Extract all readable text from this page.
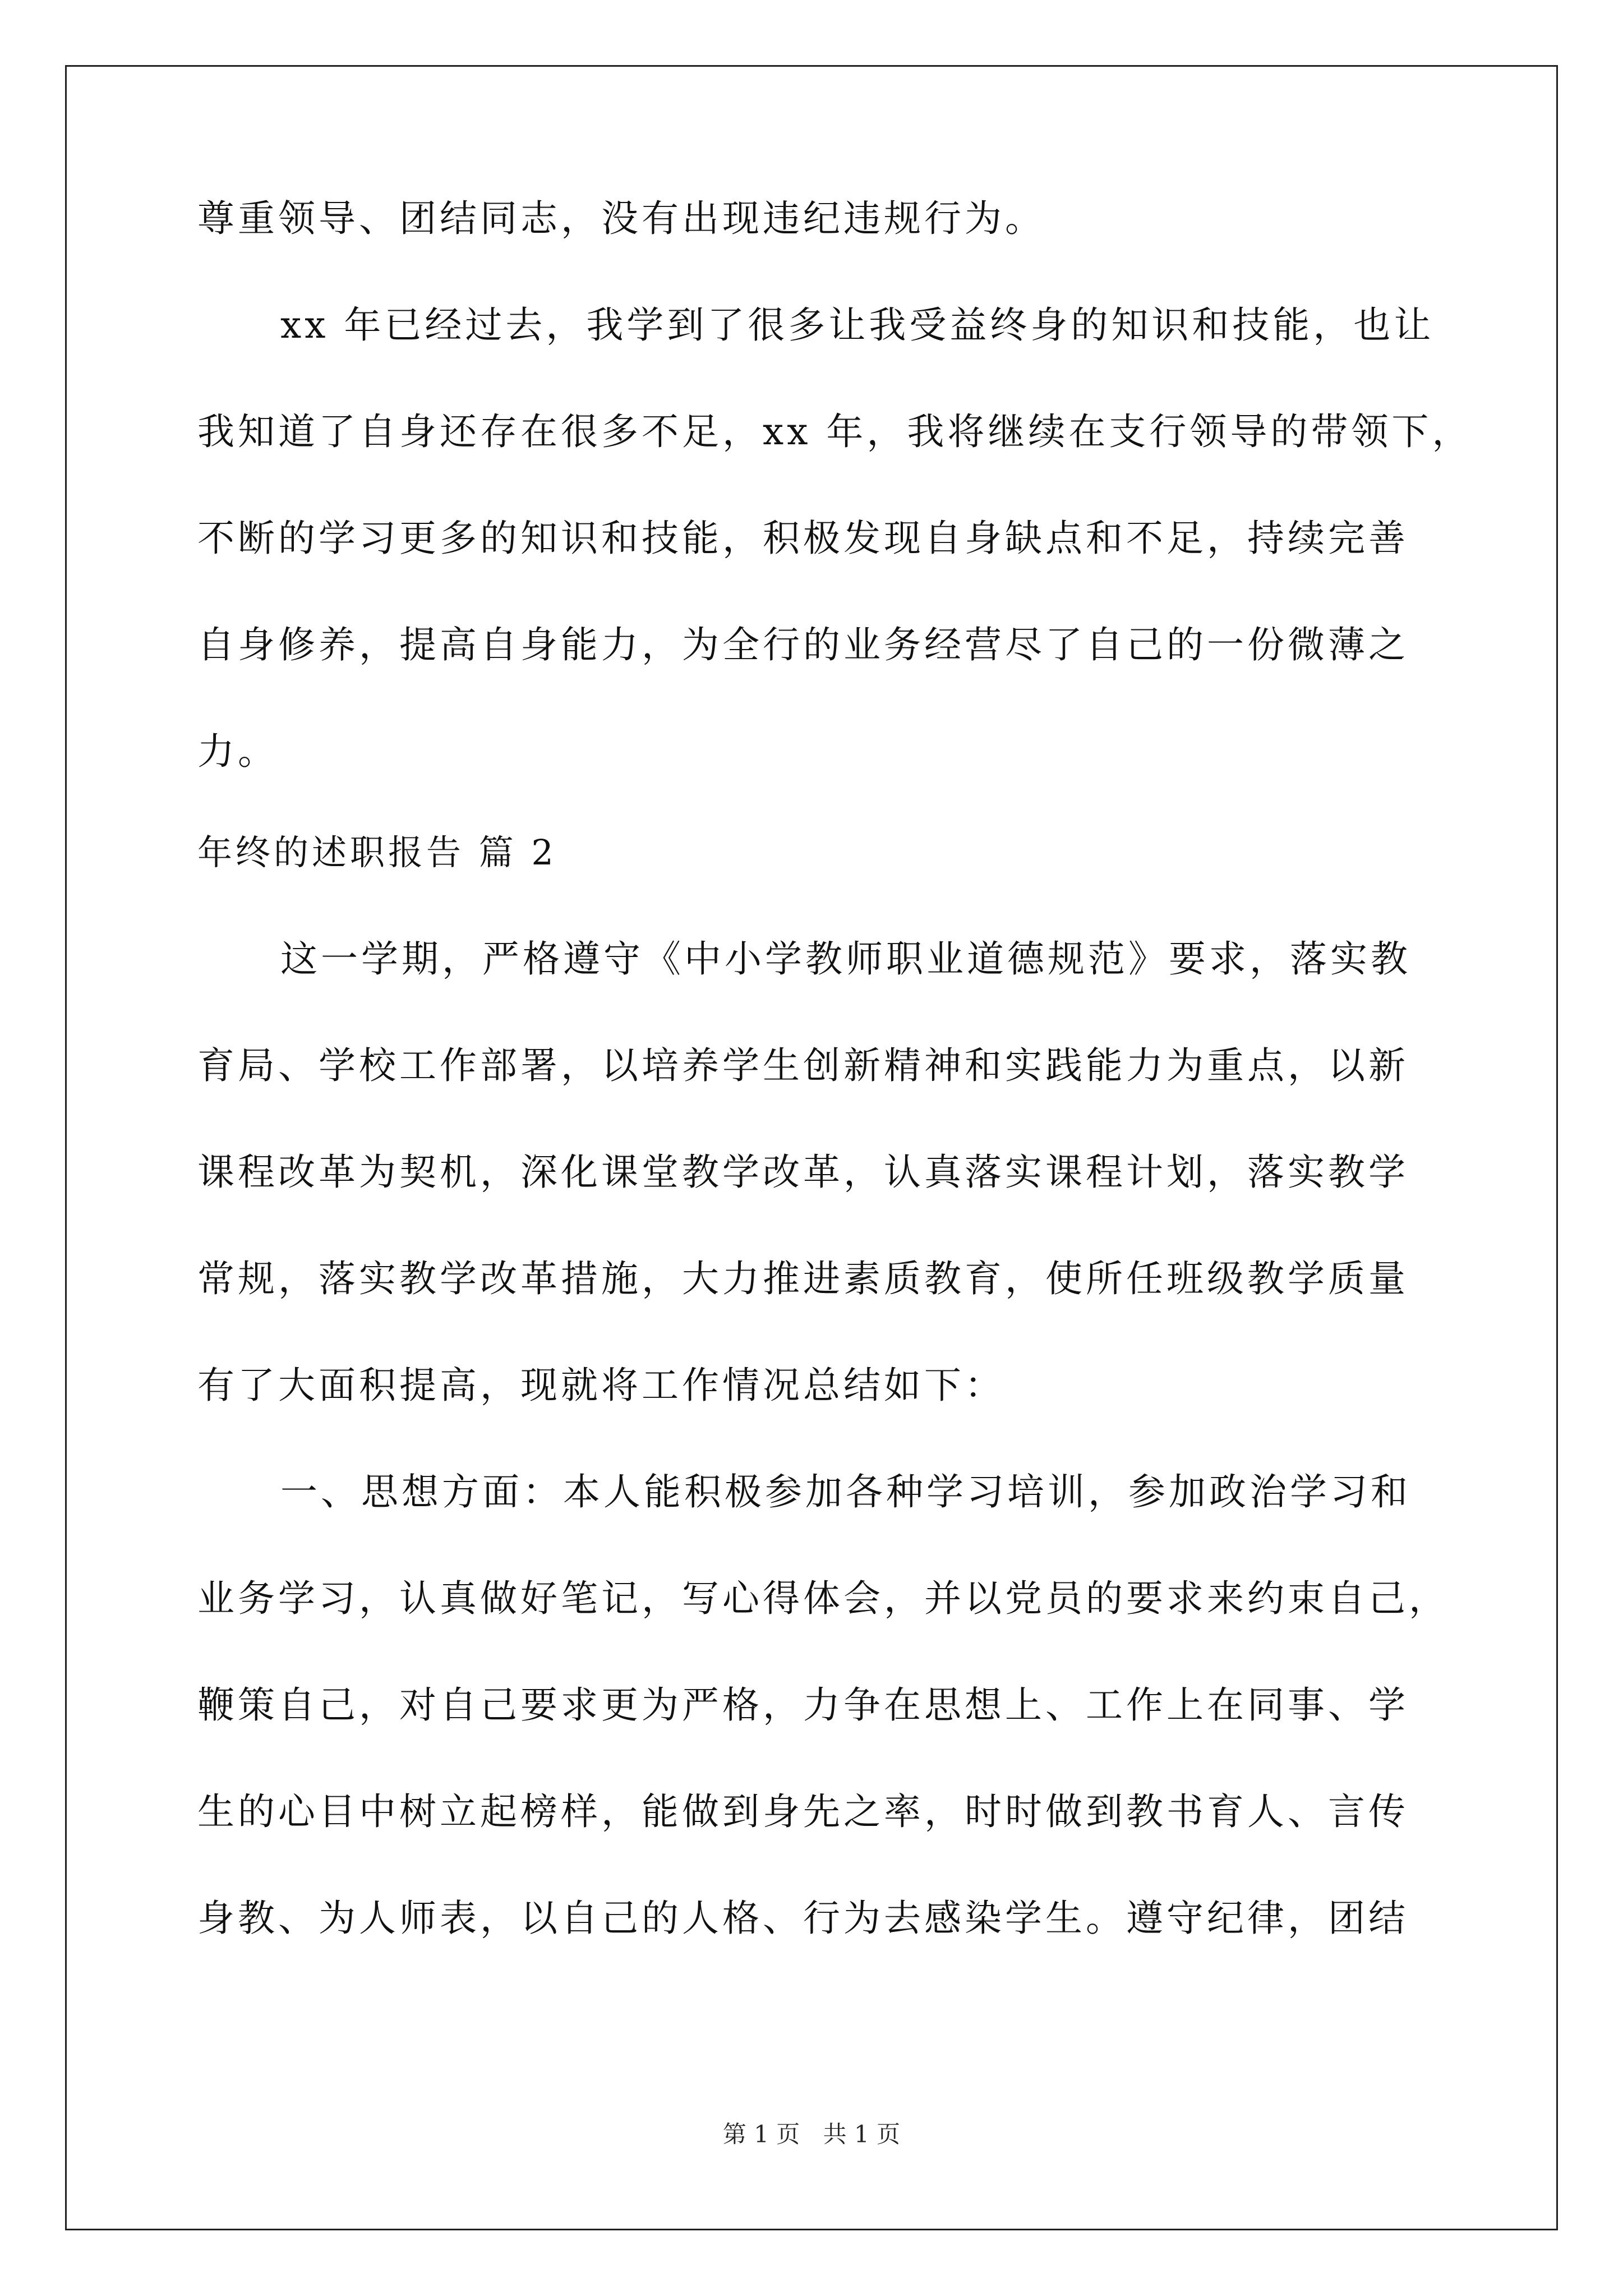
尊重领导、团结同志，没有出现违纪违规行为。
xx 年已经过去，我学到了很多让我受益终身的知识和技能，也让
我知道了自身还存在很多不足，xx 年，我将继续在支行领导的带领下，
不断的学习更多的知识和技能，积极发现自身缺点和不足，持续完善
自身修养，提高自身能力，为全行的业务经营尽了自己的一份微薄之
力。
年终的述职报告 篇 2
这一学期，严格遵守《中小学教师职业道德规范》要求，落实教
育局、学校工作部署，以培养学生创新精神和实践能力为重点，以新
课程改革为契机，深化课堂教学改革，认真落实课程计划，落实教学
常规，落实教学改革措施，大力推进素质教育，使所任班级教学质量
有了大面积提高，现就将工作情况总结如下：
一、思想方面：本人能积极参加各种学习培训，参加政治学习和
业务学习，认真做好笔记，写心得体会，并以党员的要求来约束自己，
鞭策自己，对自己要求更为严格，力争在思想上、工作上在同事、学
生的心目中树立起榜样，能做到身先之率，时时做到教书育人、言传
身教、为人师表，以自己的人格、行为去感染学生。遵守纪律，团结
第 1 页 共 1 页
